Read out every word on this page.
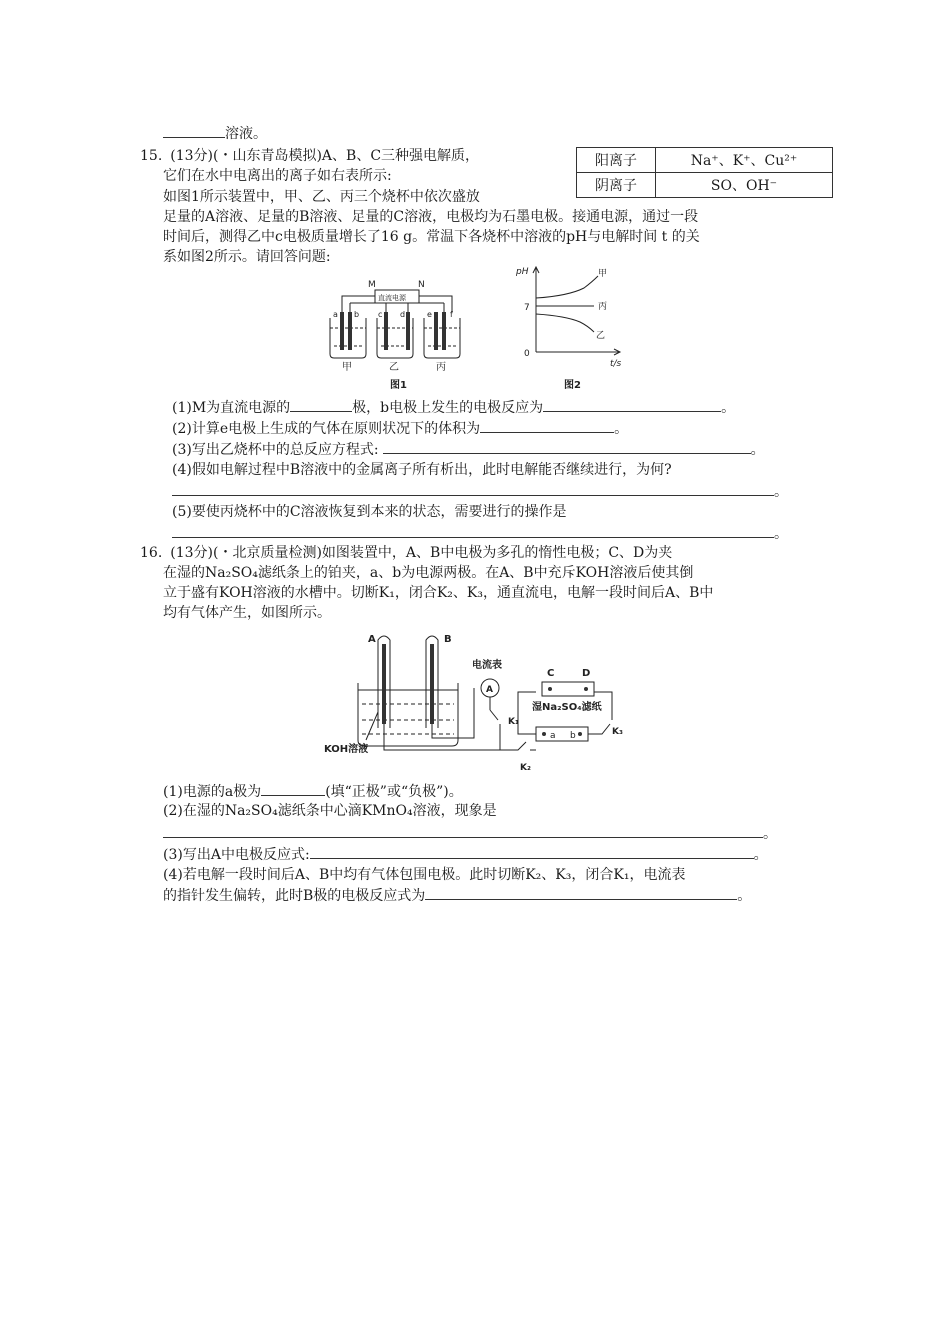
溶液。
15. (13分)(・山东青岛模拟)A、B、C三种强电解质，
它们在水中电离出的离子如右表所示:
如图1所示装置中，甲、乙、丙三个烧杯中依次盛放
足量的A溶液、足量的B溶液、足量的C溶液，电极均为石墨电极。接通电源，通过一段
时间后，测得乙中c电极质量增长了16 g。常温下各烧杯中溶液的pH与电解时间 t 的关
系如图2所示。请回答问题:
阳离子	Na⁺、K⁺、Cu²⁺
阴离子	SO、OH⁻
M	N
直流电源
a b c d	e f
甲	乙	丙
图1
pH
7
0
t/s
甲
丙
乙
图2
(1)M为直流电源的	极，b电极上发生的电极反应为	。
(2)计算e电极上生成的气体在原则状况下的体积为	。
(3)写出乙烧杯中的总反应方程式:	。
(4)假如电解过程中B溶液中的金属离子所有析出，此时电解能否继续进行，为何?
。
(5)要使丙烧杯中的C溶液恢复到本来的状态，需要进行的操作是
。
16. (13分)(・北京质量检测)如图装置中，A、B中电极为多孔的惰性电极；C、D为夹
在湿的Na₂SO₄滤纸条上的铂夹，a、b为电源两极。在A、B中充斥KOH溶液后使其倒
立于盛有KOH溶液的水槽中。切断K₁，闭合K₂、K₃，通直流电，电解一段时间后A、B中
均有气体产生，如图所示。
A	B
电流表
A
C	D
湿Na₂SO₄滤纸
KOH溶液
K₁
K₂
K₃
a b
(1)电源的a极为	(填“正极”或“负极”)。
(2)在湿的Na₂SO₄滤纸条中心滴KMnO₄溶液，现象是
。
(3)写出A中电极反应式:	。
(4)若电解一段时间后A、B中均有气体包围电极。此时切断K₂、K₃，闭合K₁，电流表
的指针发生偏转，此时B极的电极反应式为	。
